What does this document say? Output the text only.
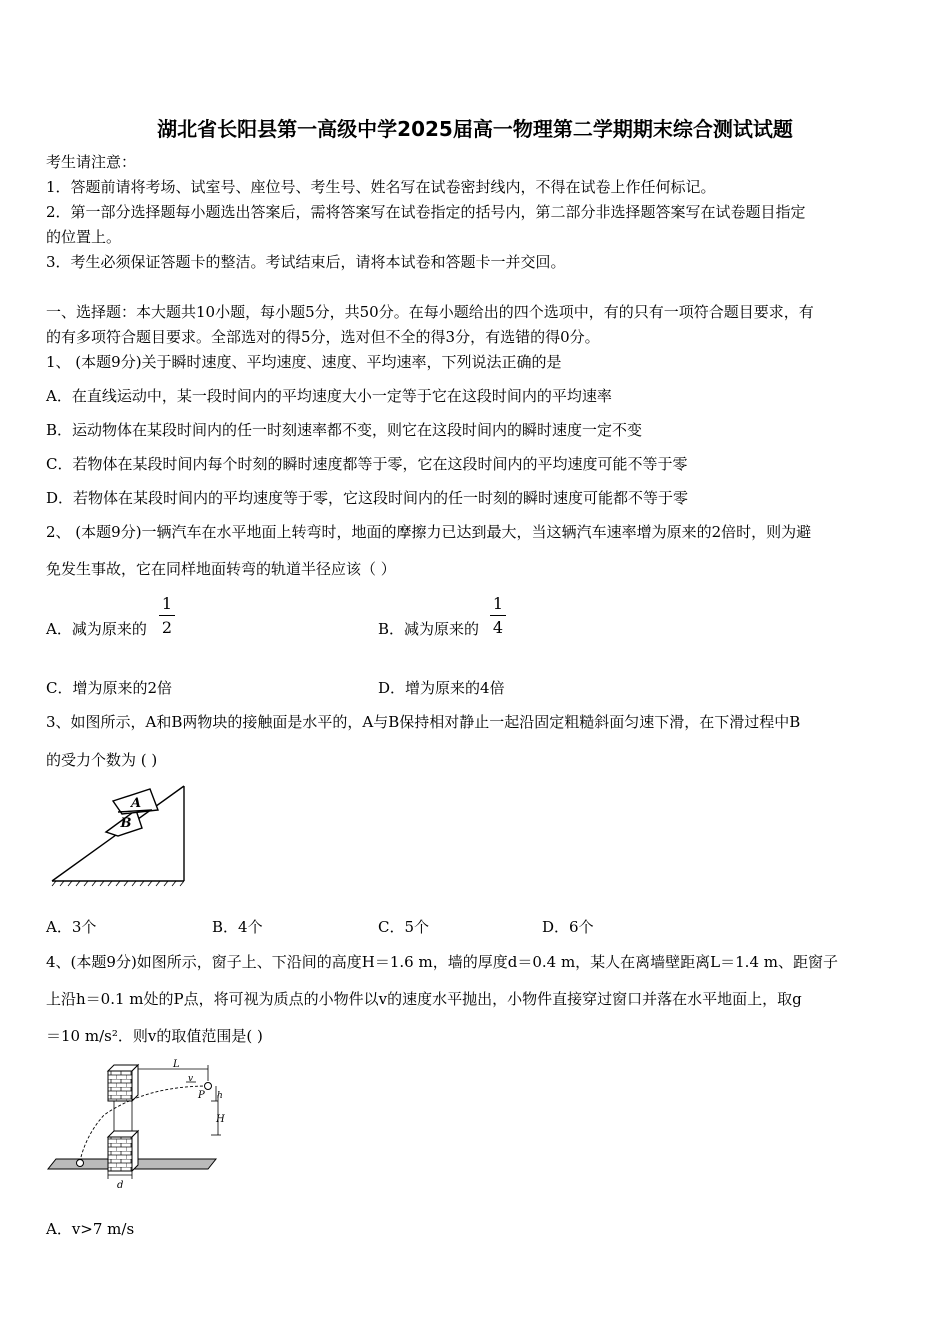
湖北省长阳县第一高级中学2025届高一物理第二学期期末综合测试试题
考生请注意：
1．答题前请将考场、试室号、座位号、考生号、姓名写在试卷密封线内，不得在试卷上作任何标记。
2．第一部分选择题每小题选出答案后，需将答案写在试卷指定的括号内，第二部分非选择题答案写在试卷题目指定
的位置上。
3．考生必须保证答题卡的整洁。考试结束后，请将本试卷和答题卡一并交回。
一、选择题：本大题共10小题，每小题5分，共50分。在每小题给出的四个选项中，有的只有一项符合题目要求，有
的有多项符合题目要求。全部选对的得5分，选对但不全的得3分，有选错的得0分。
1、 (本题9分)关于瞬时速度、平均速度、速度、平均速率，下列说法正确的是
A．在直线运动中，某一段时间内的平均速度大小一定等于它在这段时间内的平均速率
B．运动物体在某段时间内的任一时刻速率都不变，则它在这段时间内的瞬时速度一定不变
C．若物体在某段时间内每个时刻的瞬时速度都等于零，它在这段时间内的平均速度可能不等于零
D．若物体在某段时间内的平均速度等于零，它这段时间内的任一时刻的瞬时速度可能都不等于零
2、 (本题9分)一辆汽车在水平地面上转弯时，地面的摩擦力已达到最大，当这辆汽车速率增为原来的2倍时，则为避
免发生事故，它在同样地面转弯的轨道半径应该（ ）
A．减为原来的
1
2	B．减为原来的
1
4
C．增为原来的2倍	D．增为原来的4倍
3、如图所示，A和B两物块的接触面是水平的，A与B保持相对静止一起沿固定粗糙斜面匀速下滑，在下滑过程中B
的受力个数为 ( )
A
B
A．3个	B．4个	C．5个	D．6个
4、(本题9分)如图所示，窗子上、下沿间的高度H＝1.6 m，墙的厚度d＝0.4 m，某人在离墙壁距离L＝1.4 m、距窗子
上沿h＝0.1 m处的P点，将可视为质点的小物件以v的速度水平抛出，小物件直接穿过窗口并落在水平地面上，取g
＝10 m/s²．则v的取值范围是( )
L
v
P h
H
d
A．v>7 m/s
